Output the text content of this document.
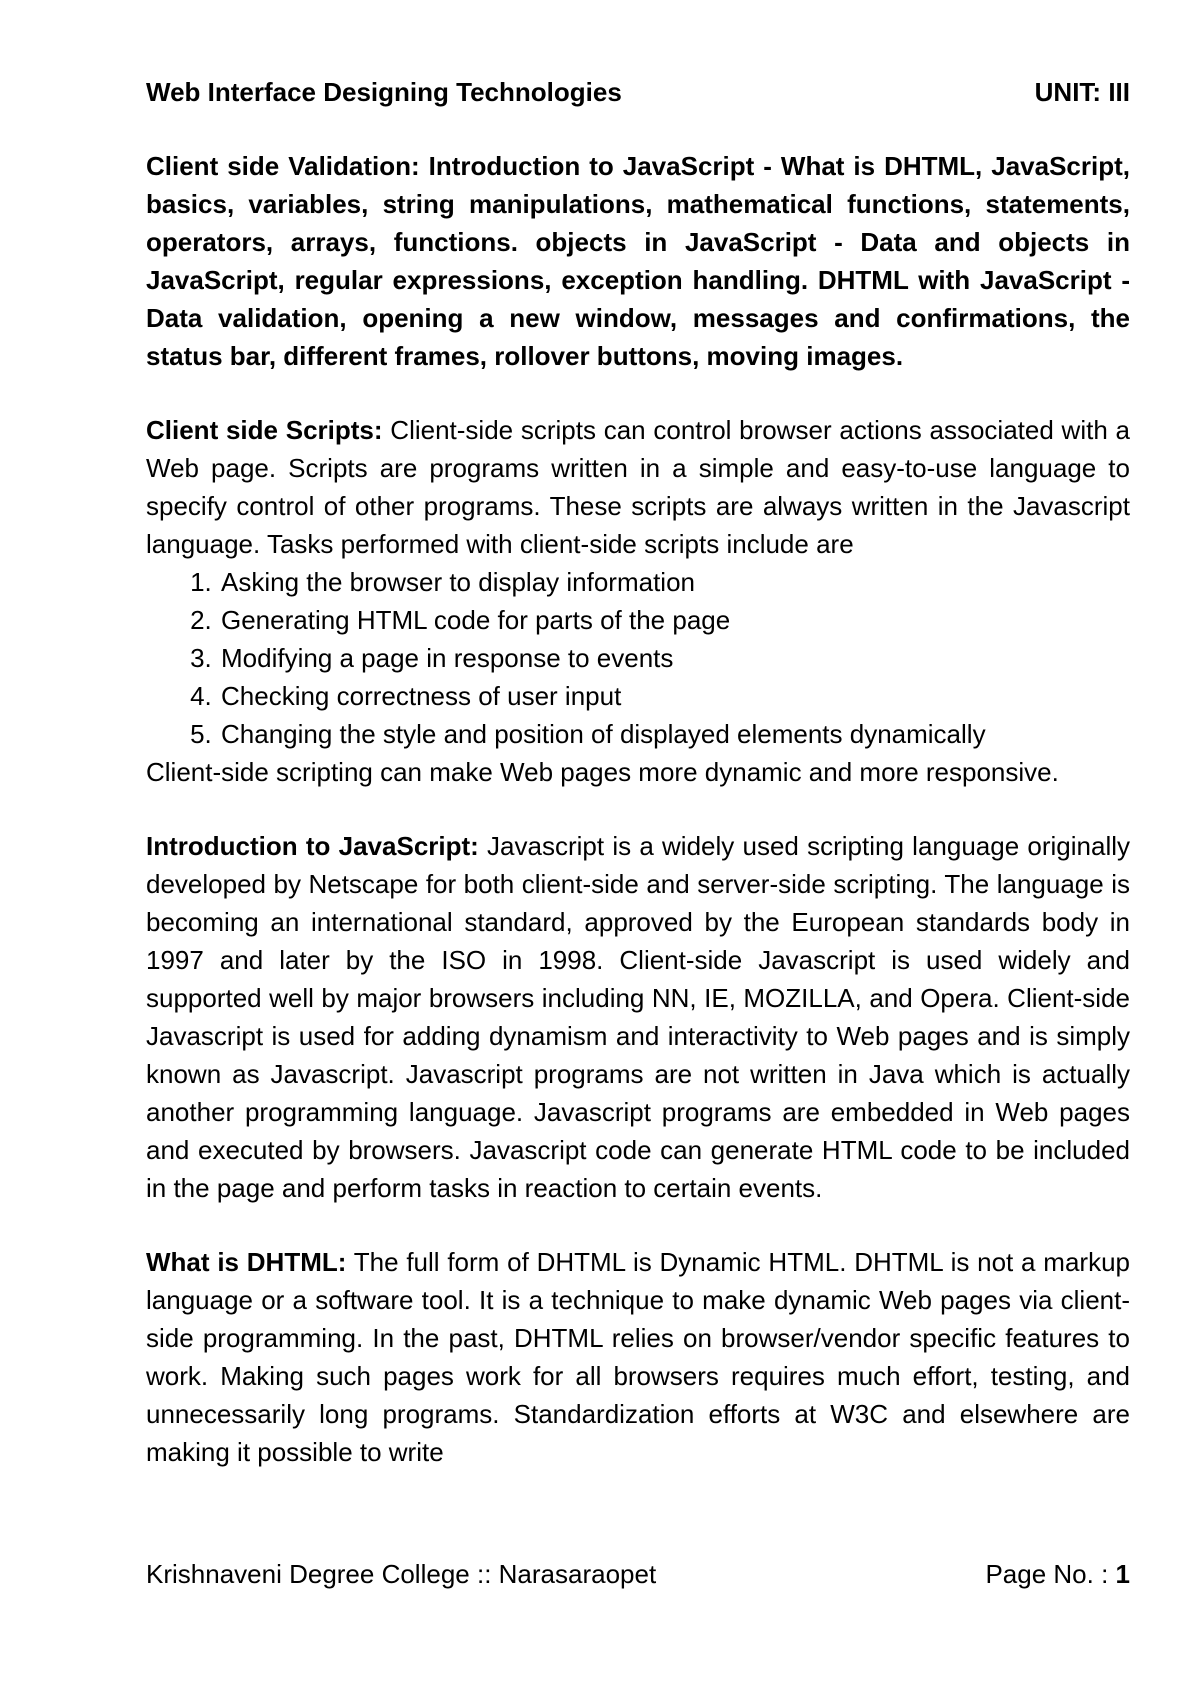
Web Interface Designing Technologies	UNIT: III

Client side Validation: Introduction to JavaScript - What is DHTML, JavaScript, basics, variables, string manipulations, mathematical functions, statements, operators, arrays, functions. objects in JavaScript - Data and objects in JavaScript, regular expressions, exception handling. DHTML with JavaScript - Data validation, opening a new window, messages and confirmations, the status bar, different frames, rollover buttons, moving images.

Client side Scripts: Client-side scripts can control browser actions associated with a Web page. Scripts are programs written in a simple and easy-to-use language to specify control of other programs. These scripts are always written in the Javascript language. Tasks performed with client-side scripts include are

1. Asking the browser to display information
2. Generating HTML code for parts of the page
3. Modifying a page in response to events
4. Checking correctness of user input
5. Changing the style and position of displayed elements dynamically

Client-side scripting can make Web pages more dynamic and more responsive.

Introduction to JavaScript: Javascript is a widely used scripting language originally developed by Netscape for both client-side and server-side scripting. The language is becoming an international standard, approved by the European standards body in 1997 and later by the ISO in 1998. Client-side Javascript is used widely and supported well by major browsers including NN, IE, MOZILLA, and Opera. Client-side Javascript is used for adding dynamism and interactivity to Web pages and is simply known as Javascript. Javascript programs are not written in Java which is actually another programming language. Javascript programs are embedded in Web pages and executed by browsers. Javascript code can generate HTML code to be included in the page and perform tasks in reaction to certain events.

What is DHTML: The full form of DHTML is Dynamic HTML. DHTML is not a markup language or a software tool. It is a technique to make dynamic Web pages via client-side programming. In the past, DHTML relies on browser/vendor specific features to work. Making such pages work for all browsers requires much effort, testing, and unnecessarily long programs. Standardization efforts at W3C and elsewhere are making it possible to write

Krishnaveni Degree College :: Narasaraopet	Page No. : 1
